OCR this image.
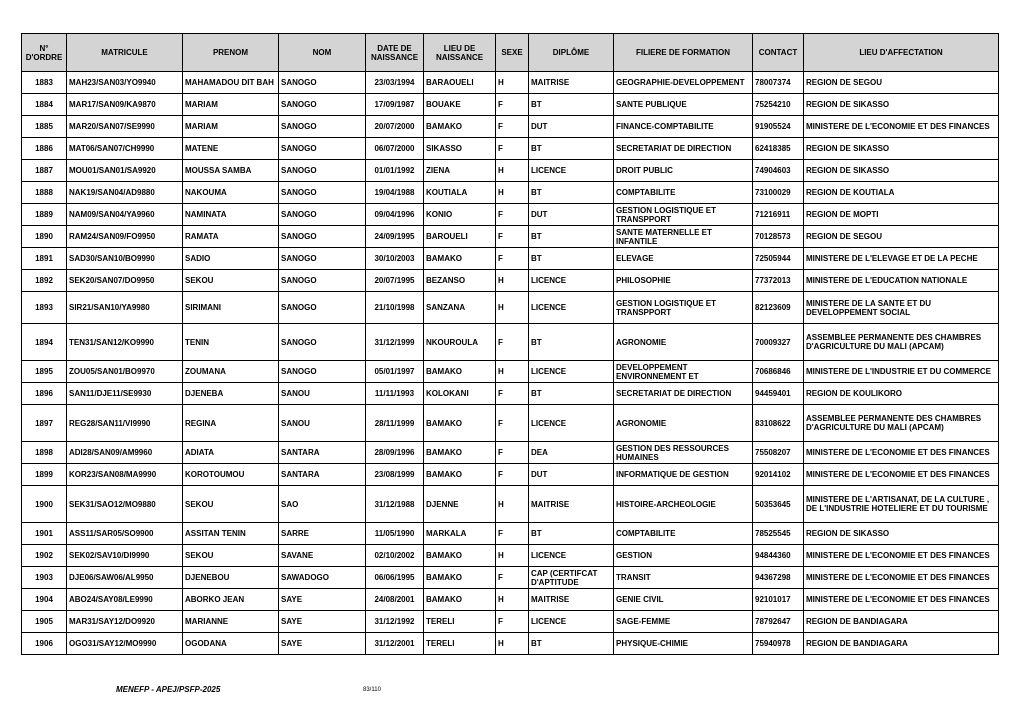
N° D'ORDRE	MATRICULE	PRENOM	NOM	DATE DE NAISSANCE	LIEU DE NAISSANCE	SEXE	DIPLÔME	FILIERE DE FORMATION	CONTACT	LIEU D'AFFECTATION
1883	MAH23/SAN03/YO9940	MAHAMADOU DIT BAH	SANOGO	23/03/1994	BARAOUELI	H	MAITRISE	GEOGRAPHIE-DEVELOPPEMENT	78007374	REGION DE SEGOU
1884	MAR17/SAN09/KA9870	MARIAM	SANOGO	17/09/1987	BOUAKE	F	BT	SANTE PUBLIQUE	75254210	REGION DE SIKASSO
1885	MAR20/SAN07/SE9990	MARIAM	SANOGO	20/07/2000	BAMAKO	F	DUT	FINANCE-COMPTABILITE	91905524	MINISTERE DE L'ECONOMIE ET DES FINANCES
1886	MAT06/SAN07/CH9990	MATENE	SANOGO	06/07/2000	SIKASSO	F	BT	SECRETARIAT DE DIRECTION	62418385	REGION DE SIKASSO
1887	MOU01/SAN01/SA9920	MOUSSA SAMBA	SANOGO	01/01/1992	ZIENA	H	LICENCE	DROIT PUBLIC	74904603	REGION DE SIKASSO
1888	NAK19/SAN04/AD9880	NAKOUMA	SANOGO	19/04/1988	KOUTIALA	H	BT	COMPTABILITE	73100029	REGION DE KOUTIALA
1889	NAM09/SAN04/YA9960	NAMINATA	SANOGO	09/04/1996	KONIO	F	DUT	GESTION LOGISTIQUE ET TRANSPPORT	71216911	REGION DE MOPTI
1890	RAM24/SAN09/FO9950	RAMATA	SANOGO	24/09/1995	BAROUELI	F	BT	SANTE MATERNELLE ET INFANTILE	70128573	REGION DE SEGOU
1891	SAD30/SAN10/BO9990	SADIO	SANOGO	30/10/2003	BAMAKO	F	BT	ELEVAGE	72505944	MINISTERE DE L'ELEVAGE ET DE LA PECHE
1892	SEK20/SAN07/DO9950	SEKOU	SANOGO	20/07/1995	BEZANSO	H	LICENCE	PHILOSOPHIE	77372013	MINISTERE DE L'EDUCATION NATIONALE
1893	SIR21/SAN10/YA9980	SIRIMANI	SANOGO	21/10/1998	SANZANA	H	LICENCE	GESTION LOGISTIQUE ET TRANSPPORT	82123609	MINISTERE DE LA SANTE ET DU DEVELOPPEMENT SOCIAL
1894	TEN31/SAN12/KO9990	TENIN	SANOGO	31/12/1999	NKOUROULA	F	BT	AGRONOMIE	70009327	ASSEMBLEE PERMANENTE DES CHAMBRES D'AGRICULTURE DU MALI (APCAM)
1895	ZOU05/SAN01/BO9970	ZOUMANA	SANOGO	05/01/1997	BAMAKO	H	LICENCE	DEVELOPPEMENT ENVIRONNEMENT ET	70686846	MINISTERE DE L'INDUSTRIE ET DU COMMERCE
1896	SAN11/DJE11/SE9930	DJENEBA	SANOU	11/11/1993	KOLOKANI	F	BT	SECRETARIAT DE DIRECTION	94459401	REGION DE KOULIKORO
1897	REG28/SAN11/VI9990	REGINA	SANOU	28/11/1999	BAMAKO	F	LICENCE	AGRONOMIE	83108622	ASSEMBLEE PERMANENTE DES CHAMBRES D'AGRICULTURE DU MALI (APCAM)
1898	ADI28/SAN09/AM9960	ADIATA	SANTARA	28/09/1996	BAMAKO	F	DEA	GESTION DES RESSOURCES HUMAINES	75508207	MINISTERE DE L'ECONOMIE ET DES FINANCES
1899	KOR23/SAN08/MA9990	KOROTOUMOU	SANTARA	23/08/1999	BAMAKO	F	DUT	INFORMATIQUE DE GESTION	92014102	MINISTERE DE L'ECONOMIE ET DES FINANCES
1900	SEK31/SAO12/MO9880	SEKOU	SAO	31/12/1988	DJENNE	H	MAITRISE	HISTOIRE-ARCHEOLOGIE	50353645	MINISTERE DE L'ARTISANAT, DE LA CULTURE , DE L'INDUSTRIE HOTELIERE ET DU TOURISME
1901	ASS11/SAR05/SO9900	ASSITAN TENIN	SARRE	11/05/1990	MARKALA	F	BT	COMPTABILITE	78525545	REGION DE SIKASSO
1902	SEK02/SAV10/DI9990	SEKOU	SAVANE	02/10/2002	BAMAKO	H	LICENCE	GESTION	94844360	MINISTERE DE L'ECONOMIE ET DES FINANCES
1903	DJE06/SAW06/AL9950	DJENEBOU	SAWADOGO	06/06/1995	BAMAKO	F	CAP (CERTIFCAT D'APTITUDE	TRANSIT	94367298	MINISTERE DE L'ECONOMIE ET DES FINANCES
1904	ABO24/SAY08/LE9990	ABORKO JEAN	SAYE	24/08/2001	BAMAKO	H	MAITRISE	GENIE CIVIL	92101017	MINISTERE DE L'ECONOMIE ET DES FINANCES
1905	MAR31/SAY12/DO9920	MARIANNE	SAYE	31/12/1992	TERELI	F	LICENCE	SAGE-FEMME	78792647	REGION DE BANDIAGARA
1906	OGO31/SAY12/MO9990	OGODANA	SAYE	31/12/2001	TERELI	H	BT	PHYSIQUE-CHIMIE	75940978	REGION DE BANDIAGARA
MENEFP - APEJ/PSFP-2025	83/110
